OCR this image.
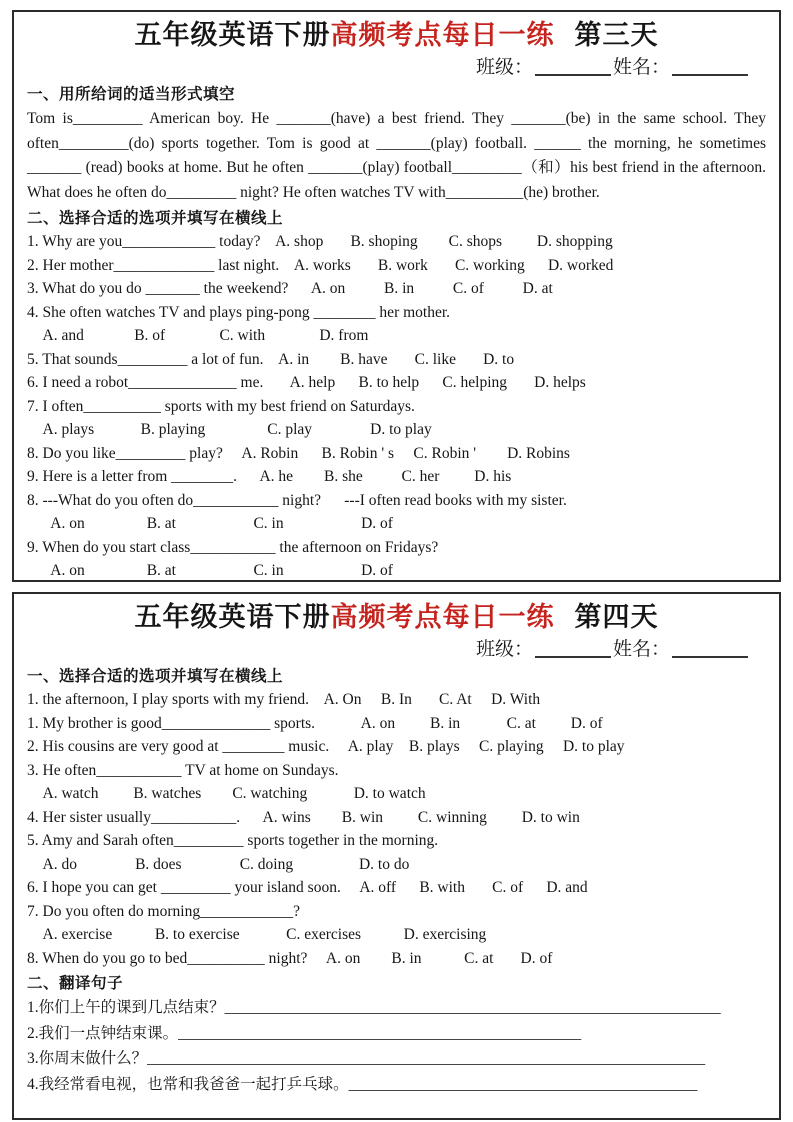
五年级英语下册高频考点每日一练 第三天
班级：	姓名：
一、用所给词的适当形式填空
Tom is_________ American boy. He _______(have) a best friend. They _______(be) in the same school. They often_________(do) sports together. Tom is good at _______(play) football. ______ the morning, he sometimes _______ (read) books at home. But he often _______(play) football_________（和）his best friend in the afternoon. What does he often do_________ night? He often watches TV with__________(he) brother.
二、选择合适的选项并填写在横线上
1. Why are you____________ today?    A. shop       B. shoping        C. shops         D. shopping
2. Her mother_____________ last night.    A. works       B. work       C. working      D. worked
3. What do you do _______ the weekend?      A. on          B. in          C. of          D. at
4. She often watches TV and plays ping-pong ________ her mother.
A. and             B. of              C. with              D. from
5. That sounds_________ a lot of fun.    A. in        B. have       C. like       D. to
6. I need a robot______________ me.       A. help      B. to help      C. helping       D. helps
7. I often__________ sports with my best friend on Saturdays.
A. plays            B. playing                C. play               D. to play
8. Do you like_________ play?     A. Robin      B. Robin ' s     C. Robin '        D. Robins
9. Here is a letter from ________.      A. he        B. she          C. her         D. his
8. ---What do you often do___________ night?      ---I often read books with my sister.
A. on                B. at                    C. in                    D. of
9. When do you start class___________ the afternoon on Fridays?
A. on                B. at                    C. in                    D. of
五年级英语下册高频考点每日一练 第四天
班级：	姓名：
一、选择合适的选项并填写在横线上
1. the afternoon, I play sports with my friend.    A. On     B. In       C. At     D. With
1. My brother is good______________ sports.            A. on         B. in            C. at         D. of
2. His cousins are very good at ________ music.     A. play    B. plays     C. playing     D. to play
3. He often___________ TV at home on Sundays.
A. watch         B. watches        C. watching            D. to watch
4. Her sister usually___________.      A. wins        B. win         C. winning         D. to win
5. Amy and Sarah often_________ sports together in the morning.
A. do               B. does               C. doing                 D. to do
6. I hope you can get _________ your island soon.     A. off      B. with       C. of      D. and
7. Do you often do morning____________?
A. exercise           B. to exercise            C. exercises           D. exercising
8. When do you go to bed__________ night?     A. on        B. in           C. at       D. of
二、翻译句子
1.你们上午的课到几点结束？________________________________________________________________
2.我们一点钟结束课。____________________________________________________
3.你周末做什么？________________________________________________________________________
4.我经常看电视，也常和我爸爸一起打乒乓球。_____________________________________________
